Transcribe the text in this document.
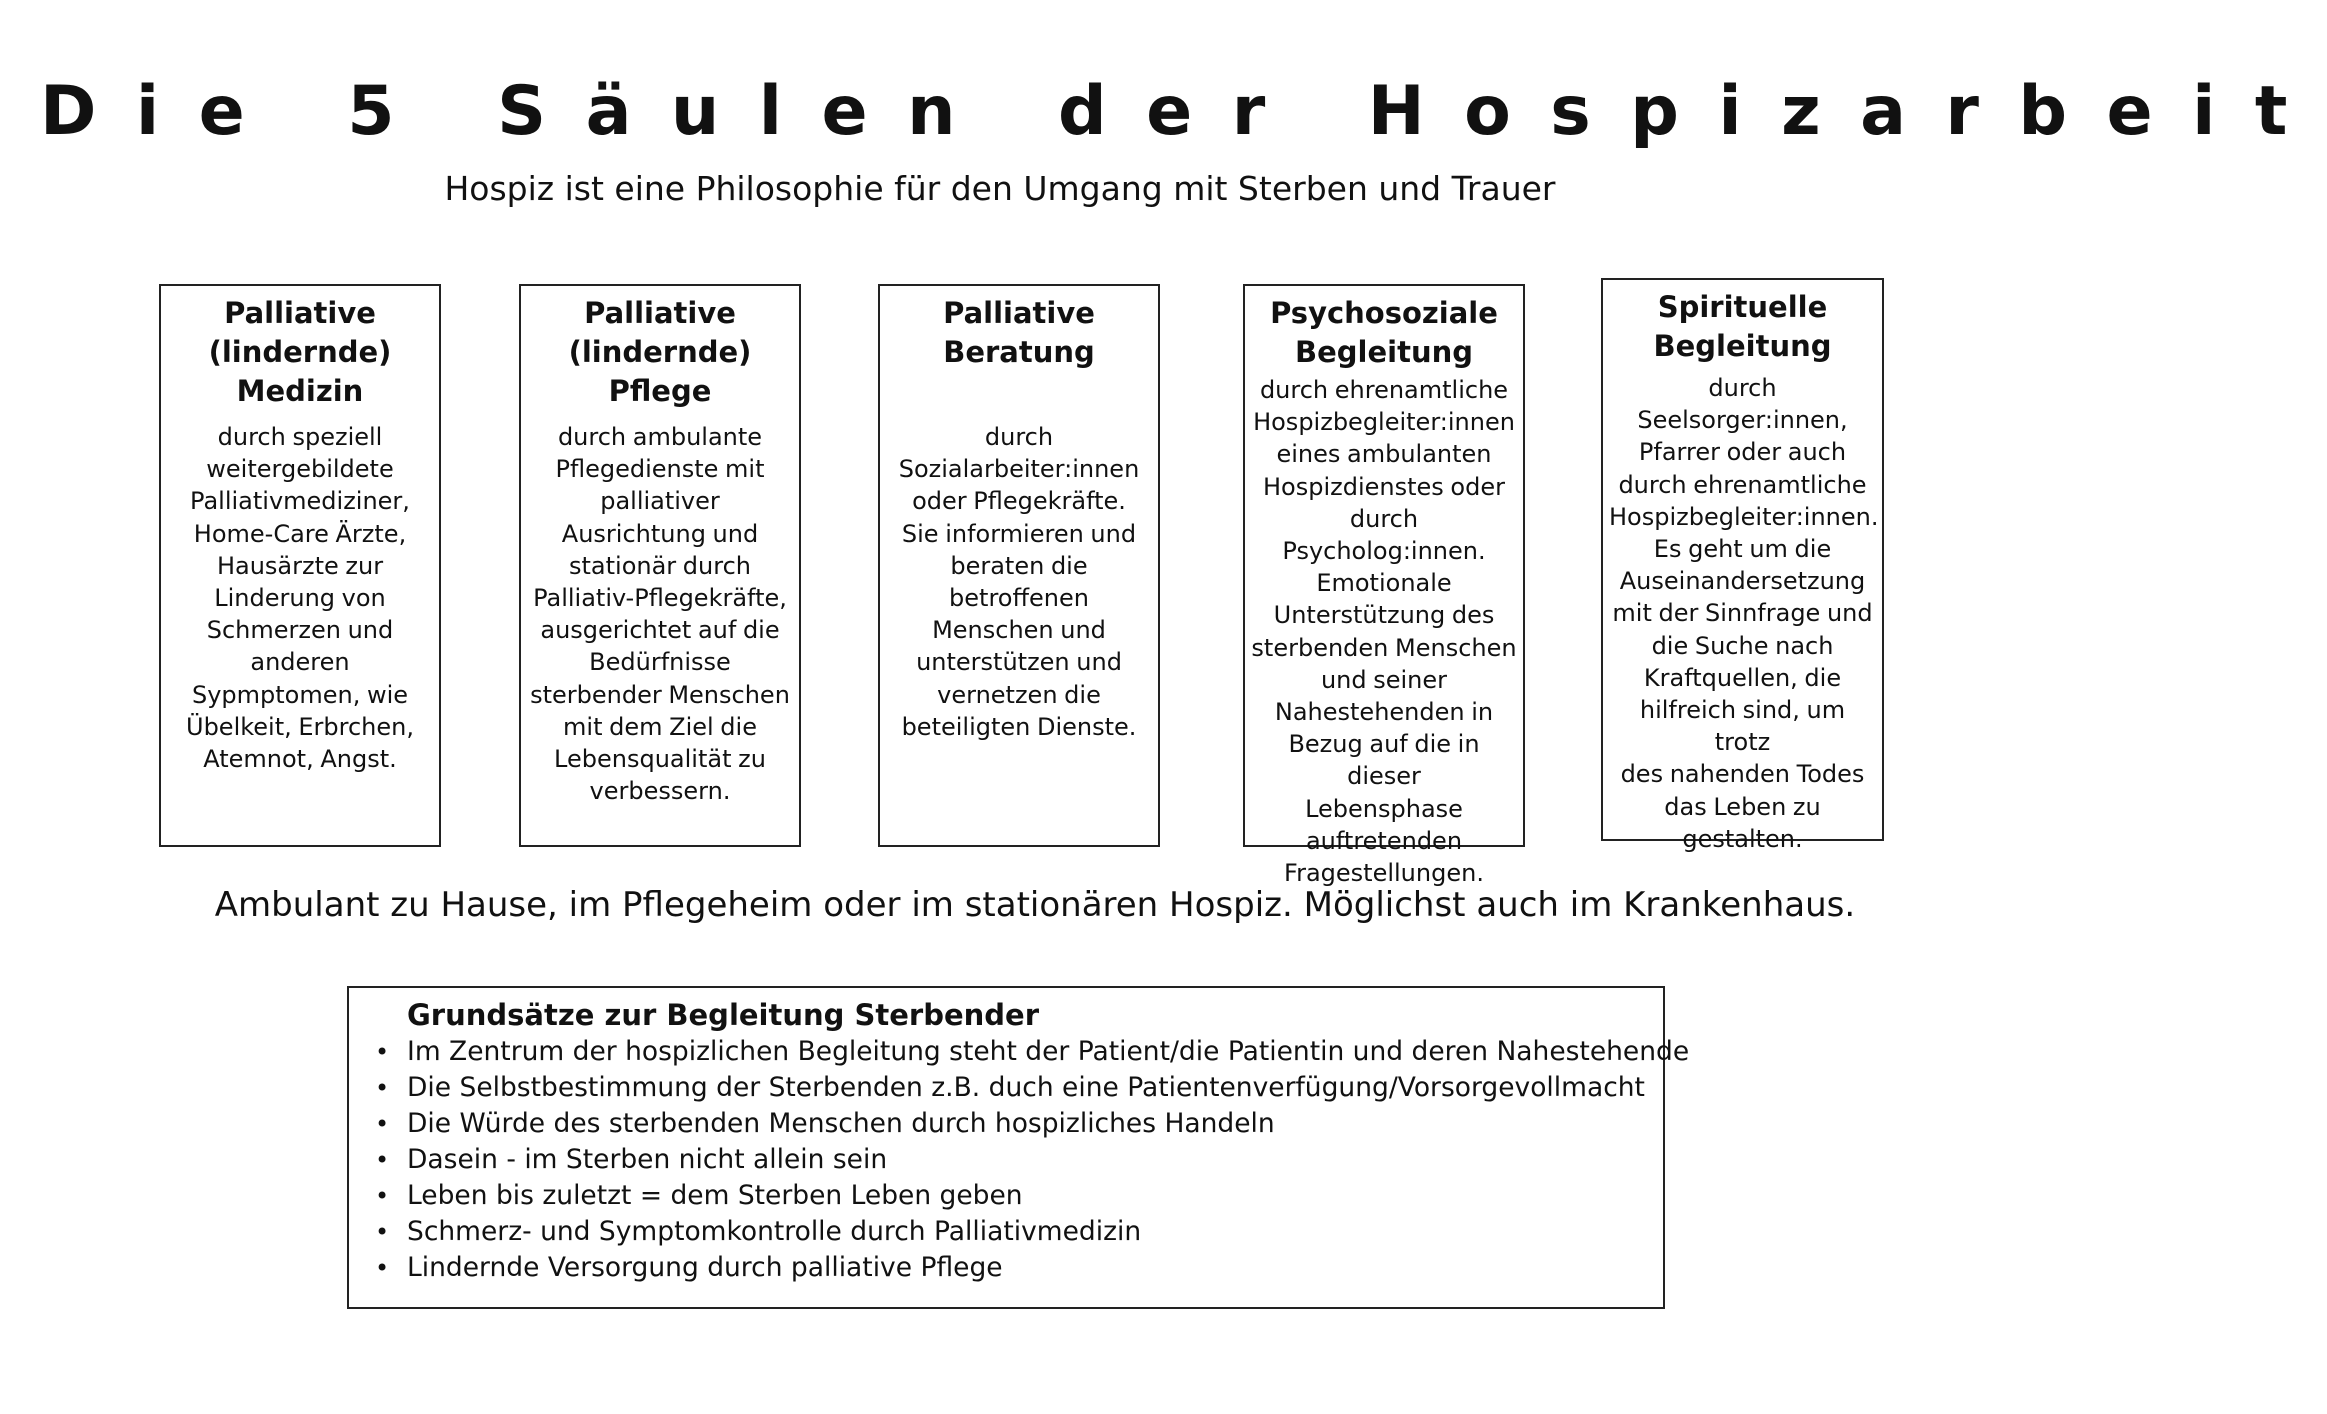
Die 5 Säulen der Hospizarbeit
Hospiz ist eine Philosophie für den Umgang mit Sterben und Trauer
Palliative
(lindernde)
Medizin

durch speziell
weitergebildete
Palliativmediziner,
Home-Care Ärzte,
Hausärzte zur
Linderung von
Schmerzen und
anderen
Sypmptomen, wie
Übelkeit, Erbrchen,
Atemnot, Angst.

Palliative
(lindernde)
Pflege

durch ambulante
Pflegedienste mit
palliativer
Ausrichtung und
stationär durch
Palliativ-Pflegekräfte,
ausgerichtet auf die
Bedürfnisse
sterbender Menschen
mit dem Ziel die
Lebensqualität zu
verbessern.

Palliative
Beratung

durch
Sozialarbeiter:innen
oder Pflegekräfte.
Sie informieren und
beraten die
betroffenen
Menschen und
unterstützen und
vernetzen die
beteiligten Dienste.

Psychosoziale
Begleitung

durch ehrenamtliche
Hospizbegleiter:innen
eines ambulanten
Hospizdienstes oder
durch Psycholog:innen.
Emotionale
Unterstützung des
sterbenden Menschen
und seiner
Nahestehenden in
Bezug auf die in dieser
Lebensphase
auftretenden
Fragestellungen.

Spirituelle
Begleitung

durch
Seelsorger:innen,
Pfarrer oder auch
durch ehrenamtliche
Hospizbegleiter:innen.
Es geht um die
Auseinandersetzung
mit der Sinnfrage und
die Suche nach
Kraftquellen, die
hilfreich sind, um trotz
des nahenden Todes
das Leben zu
gestalten.

Ambulant zu Hause, im Pflegeheim oder im stationären Hospiz. Möglichst auch im Krankenhaus.
Grundsätze zur Begleitung Sterbender
• Im Zentrum der hospizlichen Begleitung steht der Patient/die Patientin und deren Nahestehende
• Die Selbstbestimmung der Sterbenden z.B. duch eine Patientenverfügung/Vorsorgevollmacht
• Die Würde des sterbenden Menschen durch hospizliches Handeln
• Dasein - im Sterben nicht allein sein
• Leben bis zuletzt = dem Sterben Leben geben
• Schmerz- und Symptomkontrolle durch Palliativmedizin
• Lindernde Versorgung durch palliative Pflege
